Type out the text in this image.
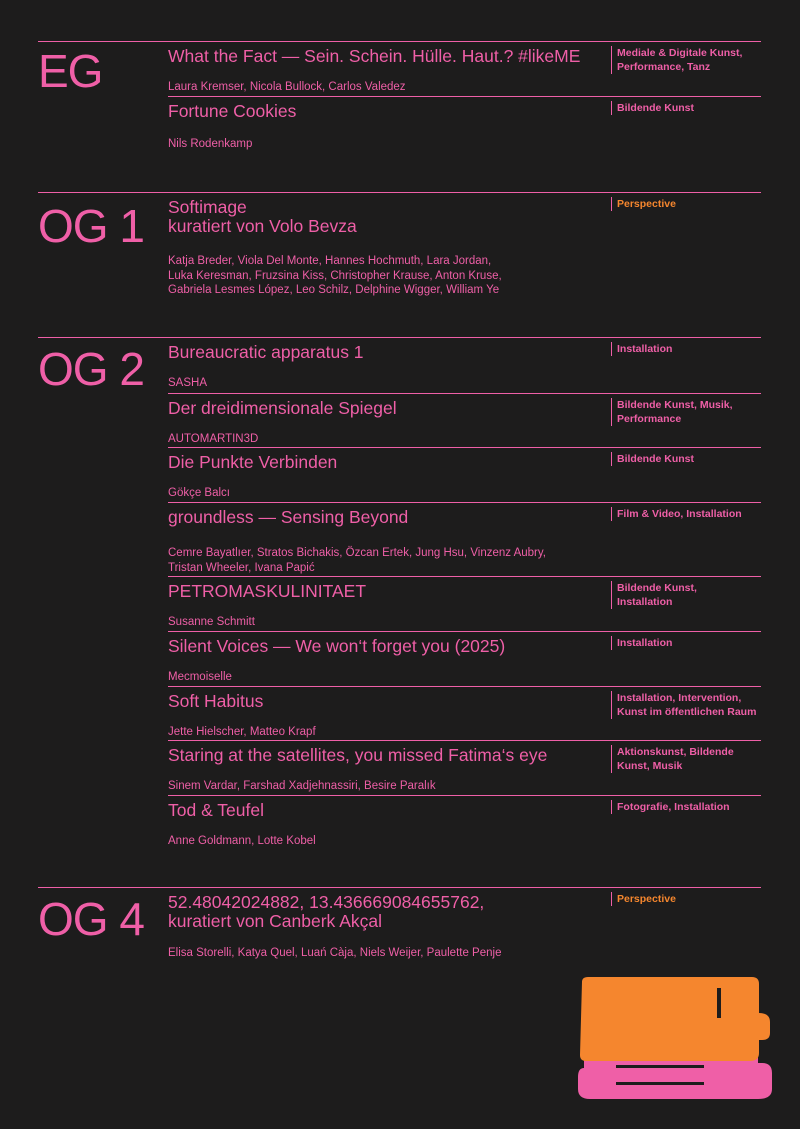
EG	What the Fact — Sein. Schein. Hülle. Haut.? #likeME
Laura Kremser, Nicola Bullock, Carlos Valedez
Mediale & Digitale Kunst, Performance, Tanz
Fortune Cookies
Nils Rodenkamp
Bildende Kunst
OG 1 Softimage
kuratiert von Volo Bevza
Katja Breder, Viola Del Monte, Hannes Hochmuth, Lara Jordan,
Luka Keresman, Fruzsina Kiss, Christopher Krause, Anton Kruse,
Gabriela Lesmes López, Leo Schilz, Delphine Wigger, William Ye
Perspective
OG 2 Bureaucratic apparatus 1
SASHA
Installation
Der dreidimensionale Spiegel
AUTOMARTIN3D
Bildende Kunst, Musik, Performance
Die Punkte Verbinden
Gökçe Balcı
Bildende Kunst
groundless — Sensing Beyond
Cemre Bayatlıer, Stratos Bichakis, Özcan Ertek, Jung Hsu, Vinzenz Aubry,
Tristan Wheeler, Ivana Papić
Film & Video, Installation
PETROMASKULINITAET
Susanne Schmitt
Bildende Kunst, Installation
Silent Voices — We won‘t forget you (2025)
Mecmoiselle
Installation
Soft Habitus
Jette Hielscher, Matteo Krapf
Installation, Intervention, Kunst im öffentlichen Raum
Staring at the satellites, you missed Fatima‘s eye
Sinem Vardar, Farshad Xadjehnassiri, Besire Paralık
Aktionskunst, Bildende Kunst, Musik
Tod & Teufel
Anne Goldmann, Lotte Kobel
Fotografie, Installation
OG 4 52.48042024882, 13.436669084655762,
kuratiert von Canberk Akçal
Elisa Storelli, Katya Quel, Luań Càja, Niels Weijer, Paulette Penje
Perspective
